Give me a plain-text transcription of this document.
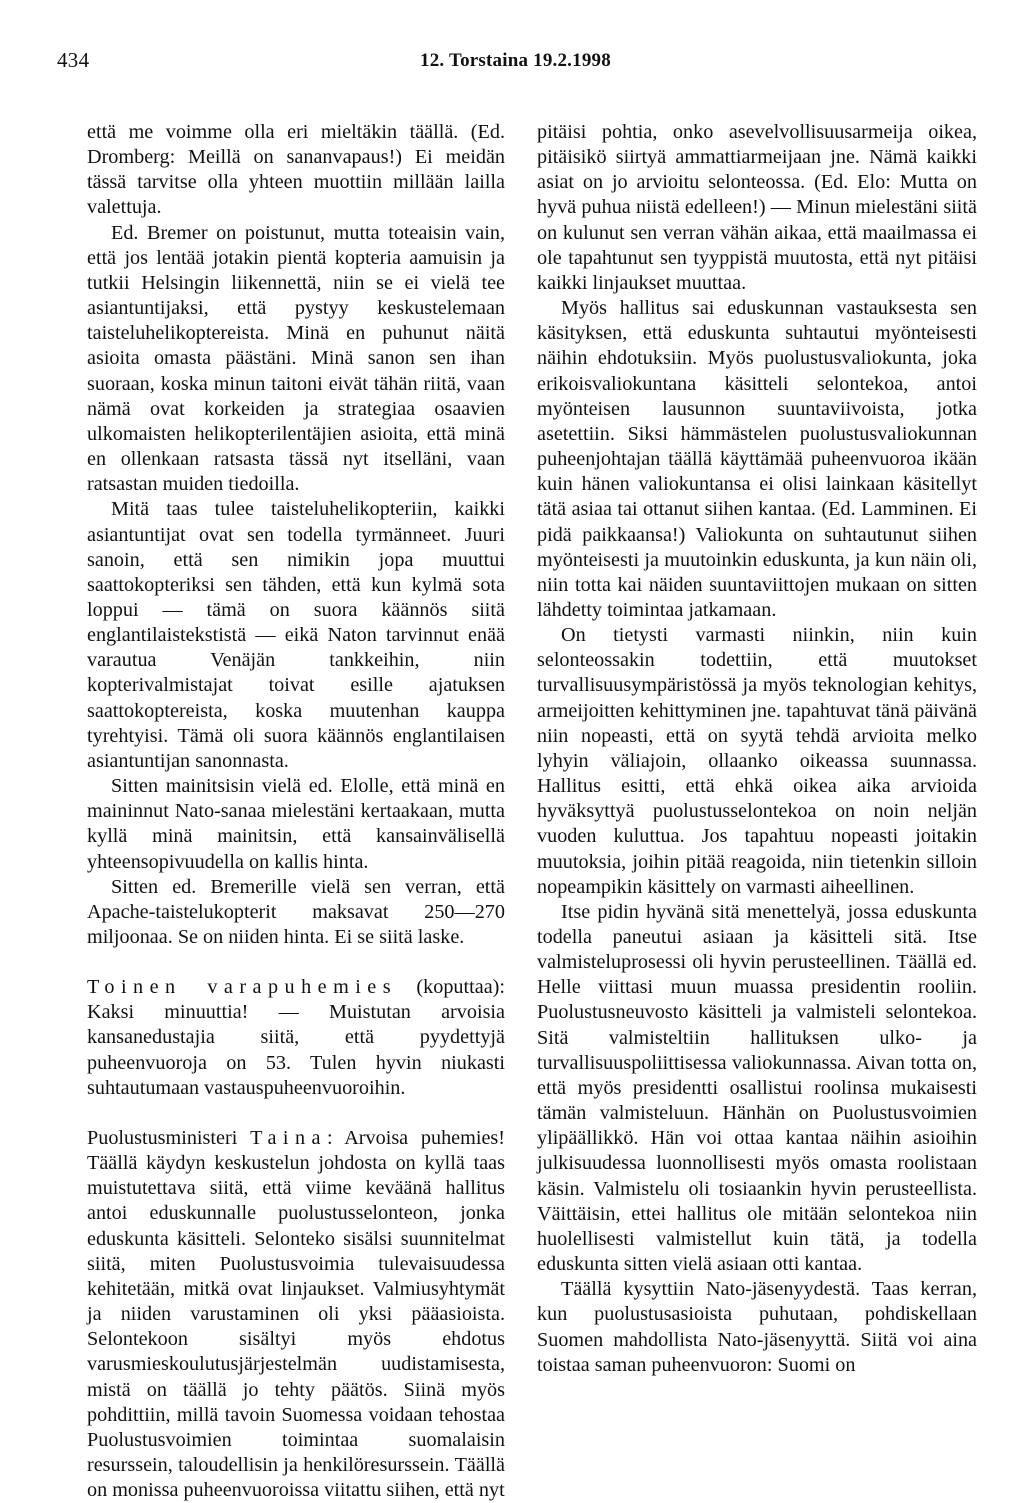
434	12. Torstaina 19.2.1998

että me voimme olla eri mieltäkin täällä. (Ed. Dromberg: Meillä on sananvapaus!) Ei meidän tässä tarvitse olla yhteen muottiin millään lailla valettuja.

Ed. Bremer on poistunut, mutta toteaisin vain, että jos lentää jotakin pientä kopteria aamuisin ja tutkii Helsingin liikennettä, niin se ei vielä tee asiantuntijaksi, että pystyy keskustelemaan taisteluhelikoptereista. Minä en puhunut näitä asioita omasta päästäni. Minä sanon sen ihan suoraan, koska minun taitoni eivät tähän riitä, vaan nämä ovat korkeiden ja strategiaa osaavien ulkomaisten helikopterilentäjien asioita, että minä en ollenkaan ratsasta tässä nyt itselläni, vaan ratsastan muiden tiedoilla.

Mitä taas tulee taisteluhelikopteriin, kaikki asiantuntijat ovat sen todella tyrmänneet. Juuri sanoin, että sen nimikin jopa muuttui saattokopteriksi sen tähden, että kun kylmä sota loppui — tämä on suora käännös siitä englantilaistekstistä — eikä Naton tarvinnut enää varautua Venäjän tankkeihin, niin kopterivalmistajat toivat esille ajatuksen saattokoptereista, koska muutenhan kauppa tyrehtyisi. Tämä oli suora käännös englantilaisen asiantuntijan sanonnasta.

Sitten mainitsisin vielä ed. Elolle, että minä en maininnut Nato-sanaa mielestäni kertaakaan, mutta kyllä minä mainitsin, että kansainvälisellä yhteensopivuudella on kallis hinta.

Sitten ed. Bremerille vielä sen verran, että Apache-taistelukopterit maksavat 250—270 miljoonaa. Se on niiden hinta. Ei se siitä laske.

Toinen varapuhemies (koputtaa): Kaksi minuuttia! — Muistutan arvoisia kansanedustajia siitä, että pyydettyjä puheenvuoroja on 53. Tulen hyvin niukasti suhtautumaan vastauspuheenvuoroihin.

Puolustusministeri Taina: Arvoisa puhemies! Täällä käydyn keskustelun johdosta on kyllä taas muistutettava siitä, että viime keväänä hallitus antoi eduskunnalle puolustusselonteon, jonka eduskunta käsitteli. Selonteko sisälsi suunnitelmat siitä, miten Puolustusvoimia tulevaisuudessa kehitetään, mitkä ovat linjaukset. Valmiusyhtymät ja niiden varustaminen oli yksi pääasioista. Selontekoon sisältyi myös ehdotus varusmieskoulutusjärjestelmän uudistamisesta, mistä on täällä jo tehty päätös. Siinä myös pohdittiin, millä tavoin Suomessa voidaan tehostaa Puolustusvoimien toimintaa suomalaisin resurssein, taloudellisin ja henkilöresurssein. Täällä on monissa puheenvuoroissa viitattu siihen, että nyt

pitäisi pohtia, onko asevelvollisuusarmeija oikea, pitäisikö siirtyä ammattiarmeijaan jne. Nämä kaikki asiat on jo arvioitu selonteossa. (Ed. Elo: Mutta on hyvä puhua niistä edelleen!) — Minun mielestäni siitä on kulunut sen verran vähän aikaa, että maailmassa ei ole tapahtunut sen tyyppistä muutosta, että nyt pitäisi kaikki linjaukset muuttaa.

Myös hallitus sai eduskunnan vastauksesta sen käsityksen, että eduskunta suhtautui myönteisesti näihin ehdotuksiin. Myös puolustusvaliokunta, joka erikoisvaliokuntana käsitteli selontekoa, antoi myönteisen lausunnon suuntaviivoista, jotka asetettiin. Siksi hämmästelen puolustusvaliokunnan puheenjohtajan täällä käyttämää puheenvuoroa ikään kuin hänen valiokuntansa ei olisi lainkaan käsitellyt tätä asiaa tai ottanut siihen kantaa. (Ed. Lamminen. Ei pidä paikkaansa!) Valiokunta on suhtautunut siihen myönteisesti ja muutoinkin eduskunta, ja kun näin oli, niin totta kai näiden suuntaviittojen mukaan on sitten lähdetty toimintaa jatkamaan.

On tietysti varmasti niinkin, niin kuin selonteossakin todettiin, että muutokset turvallisuusympäristössä ja myös teknologian kehitys, armeijoitten kehittyminen jne. tapahtuvat tänä päivänä niin nopeasti, että on syytä tehdä arvioita melko lyhyin väliajoin, ollaanko oikeassa suunnassa. Hallitus esitti, että ehkä oikea aika arvioida hyväksyttyä puolustusselontekoa on noin neljän vuoden kuluttua. Jos tapahtuu nopeasti joitakin muutoksia, joihin pitää reagoida, niin tietenkin silloin nopeampikin käsittely on varmasti aiheellinen.

Itse pidin hyvänä sitä menettelyä, jossa eduskunta todella paneutui asiaan ja käsitteli sitä. Itse valmisteluprosessi oli hyvin perusteellinen. Täällä ed. Helle viittasi muun muassa presidentin rooliin. Puolustusneuvosto käsitteli ja valmisteli selontekoa. Sitä valmisteltiin hallituksen ulko- ja turvallisuuspoliittisessa valiokunnassa. Aivan totta on, että myös presidentti osallistui roolinsa mukaisesti tämän valmisteluun. Hänhän on Puolustusvoimien ylipäällikkö. Hän voi ottaa kantaa näihin asioihin julkisuudessa luonnollisesti myös omasta roolistaan käsin. Valmistelu oli tosiaankin hyvin perusteellista. Väittäisin, ettei hallitus ole mitään selontekoa niin huolellisesti valmistellut kuin tätä, ja todella eduskunta sitten vielä asiaan otti kantaa.

Täällä kysyttiin Nato-jäsenyydestä. Taas kerran, kun puolustusasioista puhutaan, pohdiskellaan Suomen mahdollista Nato-jäsenyyttä. Siitä voi aina toistaa saman puheenvuoron: Suomi on
